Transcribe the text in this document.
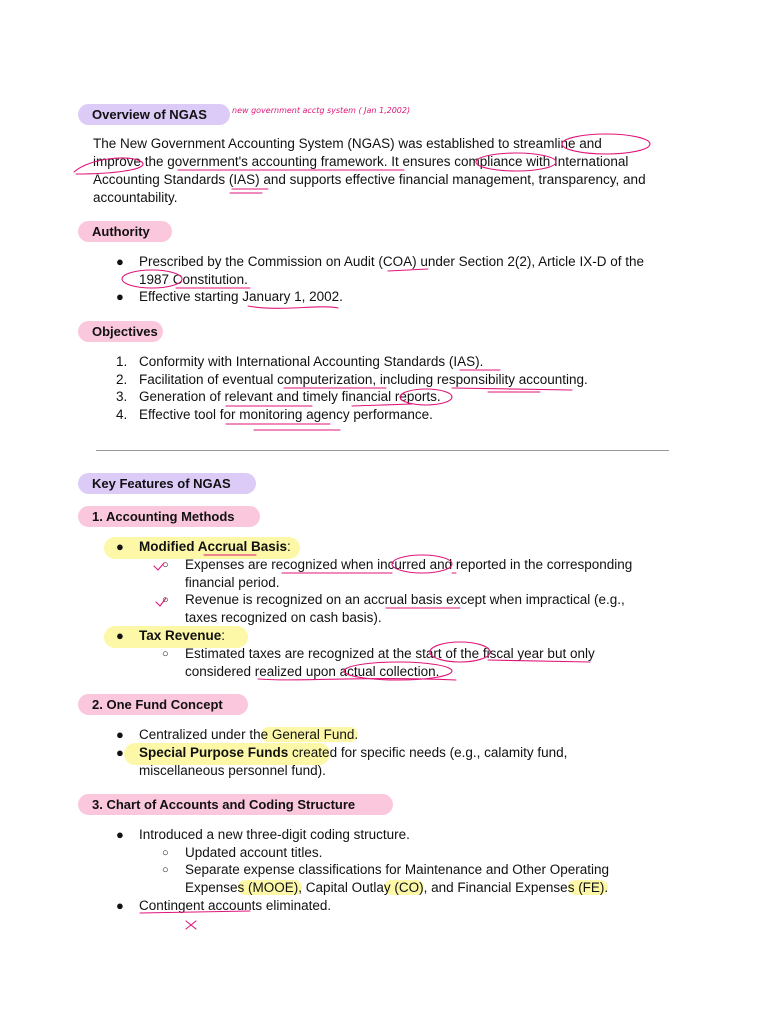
Overview of NGAS	new government acctg system ( Jan 1,2002)
The New Government Accounting System (NGAS) was established to streamline and
improve the government's accounting framework. It ensures compliance with International
Accounting Standards (IAS) and supports effective financial management, transparency, and
accountability.
Authority
● Prescribed by the Commission on Audit (COA) under Section 2(2), Article IX-D of the
1987 Constitution.
● Effective starting January 1, 2002.
Objectives
1. Conformity with International Accounting Standards (IAS).
2. Facilitation of eventual computerization, including responsibility accounting.
3. Generation of relevant and timely financial reports.
4. Effective tool for monitoring agency performance.
Key Features of NGAS
1. Accounting Methods
● Modified Accrual Basis:
○ Expenses are recognized when incurred and reported in the corresponding
financial period.
○ Revenue is recognized on an accrual basis except when impractical (e.g.,
taxes recognized on cash basis).
● Tax Revenue:
○ Estimated taxes are recognized at the start of the fiscal year but only
considered realized upon actual collection.
2. One Fund Concept
● Centralized under the General Fund.
● Special Purpose Funds created for specific needs (e.g., calamity fund,
miscellaneous personnel fund).
3. Chart of Accounts and Coding Structure
● Introduced a new three-digit coding structure.
○ Updated account titles.
○ Separate expense classifications for Maintenance and Other Operating
Expenses (MOOE), Capital Outlay (CO), and Financial Expenses (FE).
● Contingent accounts eliminated.
